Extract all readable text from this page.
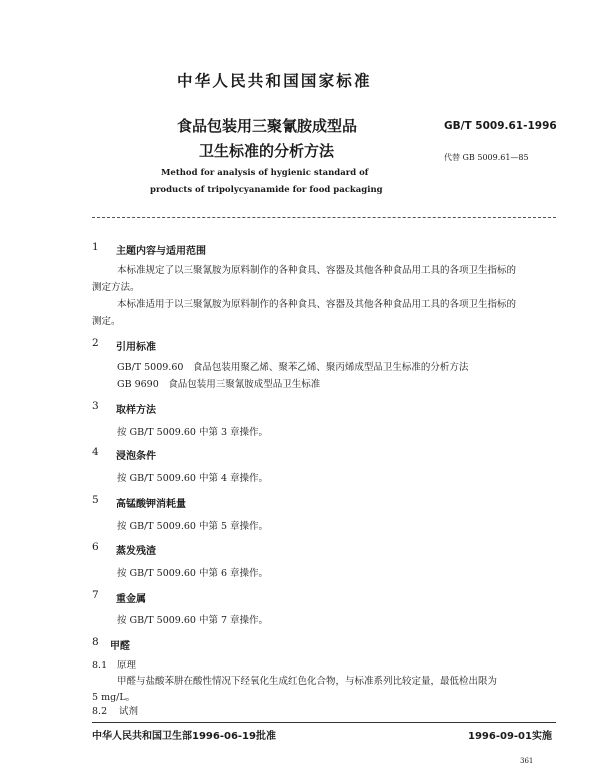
中华人民共和国国家标准
食品包装用三聚氰胺成型品
卫生标准的分析方法
GB/T 5009.61-1996
代替 GB 5009.61—85
Method for analysis of hygienic standard of
products of tripolycyanamide for food packaging
1 主题内容与适用范围
本标准规定了以三聚氰胺为原料制作的各种食具、容器及其他各种食品用工具的各项卫生指标的
测定方法。
本标准适用于以三聚氰胺为原料制作的各种食具、容器及其他各种食品用工具的各项卫生指标的
测定。
2 引用标准
GB/T 5009.60　食品包装用聚乙烯、聚苯乙烯、聚丙烯成型品卫生标准的分析方法
GB 9690　食品包装用三聚氰胺成型品卫生标准
3 取样方法
按 GB/T 5009.60 中第 3 章操作。
4 浸泡条件
按 GB/T 5009.60 中第 4 章操作。
5 高锰酸钾消耗量
按 GB/T 5009.60 中第 5 章操作。
6 蒸发残渣
按 GB/T 5009.60 中第 6 章操作。
7 重金属
按 GB/T 5009.60 中第 7 章操作。
8 甲醛
8.1 原理
甲醛与盐酸苯肼在酸性情况下经氧化生成红色化合物，与标准系列比较定量，最低检出限为
5 mg/L。
8.2 试剂
中华人民共和国卫生部1996-06-19批准	1996-09-01实施
361
